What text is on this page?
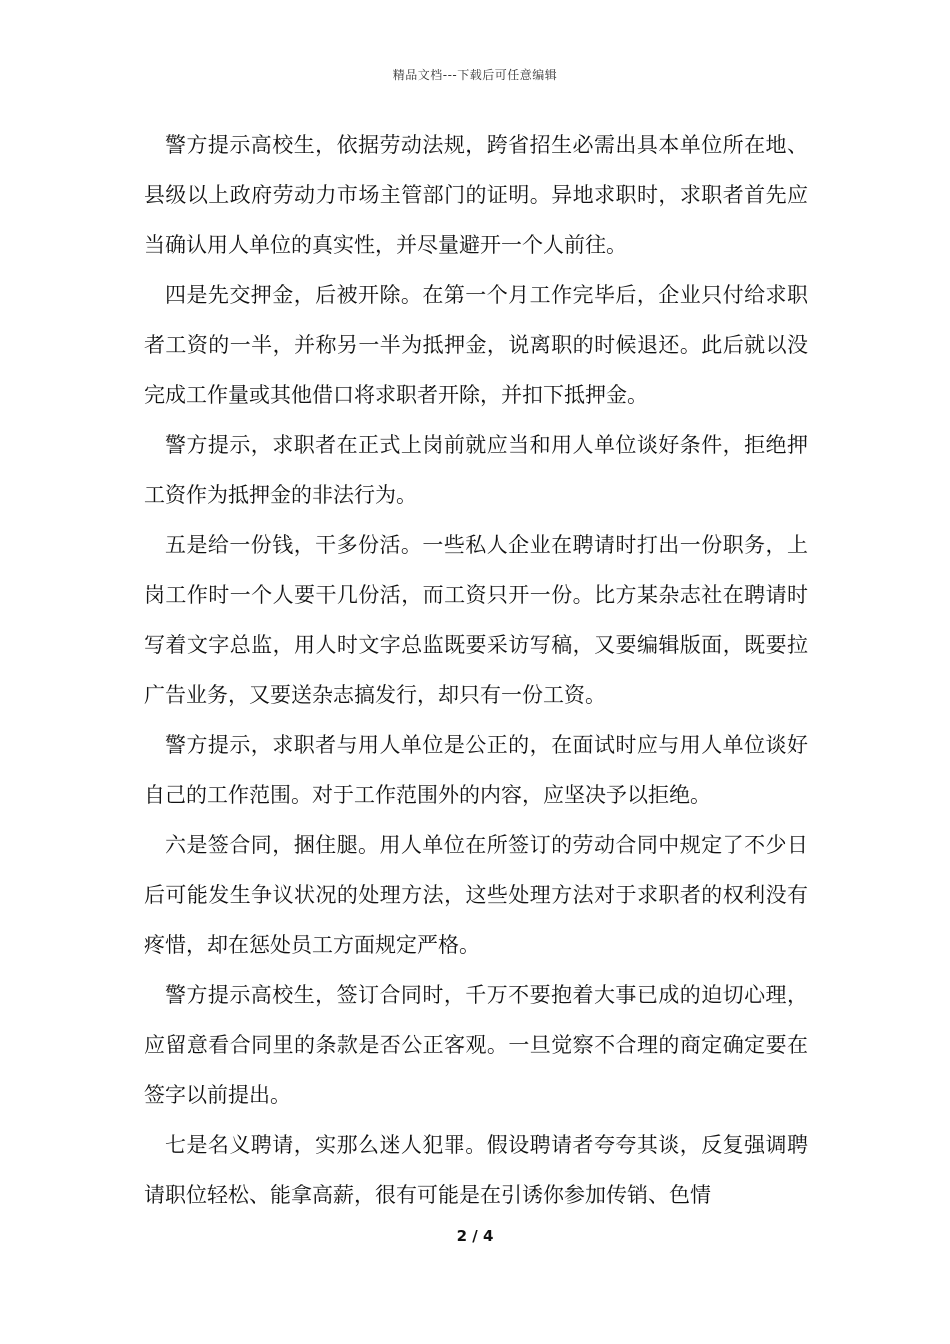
精品文档---下载后可任意编辑

警方提示高校生，依据劳动法规，跨省招生必需出具本单位所在地、县级以上政府劳动力市场主管部门的证明。异地求职时，求职者首先应当确认用人单位的真实性，并尽量避开一个人前往。

四是先交押金，后被开除。在第一个月工作完毕后，企业只付给求职者工资的一半，并称另一半为抵押金，说离职的时候退还。此后就以没完成工作量或其他借口将求职者开除，并扣下抵押金。

警方提示，求职者在正式上岗前就应当和用人单位谈好条件，拒绝押工资作为抵押金的非法行为。

五是给一份钱，干多份活。一些私人企业在聘请时打出一份职务，上岗工作时一个人要干几份活，而工资只开一份。比方某杂志社在聘请时写着文字总监，用人时文字总监既要采访写稿，又要编辑版面，既要拉广告业务，又要送杂志搞发行，却只有一份工资。

警方提示，求职者与用人单位是公正的，在面试时应与用人单位谈好自己的工作范围。对于工作范围外的内容，应坚决予以拒绝。

六是签合同，捆住腿。用人单位在所签订的劳动合同中规定了不少日后可能发生争议状况的处理方法，这些处理方法对于求职者的权利没有疼惜，却在惩处员工方面规定严格。

警方提示高校生，签订合同时，千万不要抱着大事已成的迫切心理，应留意看合同里的条款是否公正客观。一旦觉察不合理的商定确定要在签字以前提出。

七是名义聘请，实那么迷人犯罪。假设聘请者夸夸其谈，反复强调聘请职位轻松、能拿高薪，很有可能是在引诱你参加传销、色情

2 / 4
